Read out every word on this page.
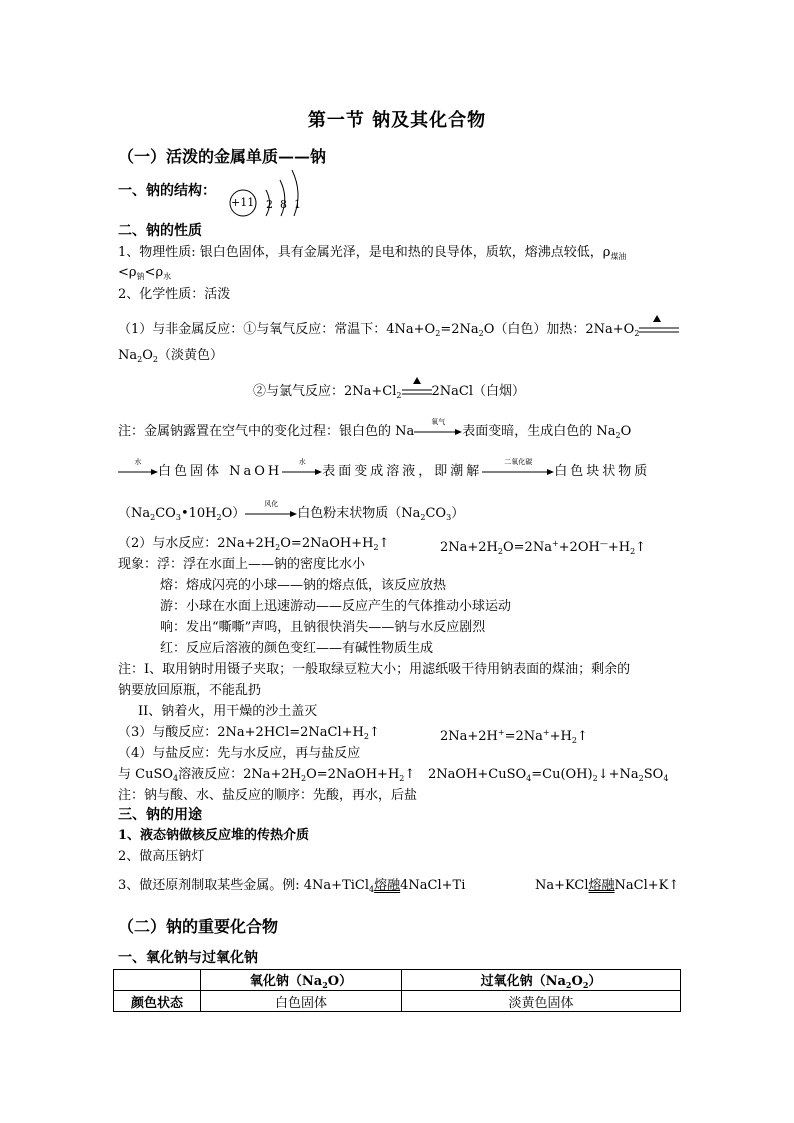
第一节 钠及其化合物
（一）活泼的金属单质——钠
一、钠的结构：
+11 2  8  1
二、钠的性质
1、物理性质: 银白色固体，具有金属光泽，是电和热的良导体，质软，熔沸点较低，$\rho_{煤油}$
$<\rho_钠<\rho_水$
2、化学性质：活泼
（1）与非金属反应：①与氧气反应：常温下：$4Na+O_2=2Na_2O$（白色）加热：$2Na+O_2$
$Na_2O_2$（淡黄色）
②与氯气反应：$2Na+Cl_2$ 2NaCl（白烟）
注：金属钠露置在空气中的变化过程：银白色的 Na
氧气
表面变暗，生成白色的 $Na_2O$
水
白色固体 NaOH
水
表面变成溶液，即潮解
二氧化碳
白色块状物质
$(Na_2CO_3•10H_2O)$
风化
白色粉末状物质$(Na_2CO_3)$
（2）与水反应：$2Na+2H_2O=2NaOH+H_2↑$	$2Na+2H_2O=2Na^++2OH^—+H_2↑$
现象：浮：浮在水面上——钠的密度比水小
熔：熔成闪亮的小球——钠的熔点低，该反应放热
游：小球在水面上迅速游动——反应产生的气体推动小球运动
响：发出“嘶嘶”声呜，且钠很快消失——钠与水反应剧烈
红：反应后溶液的颜色变红——有碱性物质生成
注：I、取用钠时用镊子夹取；一般取绿豆粒大小；用滤纸吸干待用钠表面的煤油；剩余的
钠要放回原瓶，不能乱扔
II、钠着火，用干燥的沙土盖灭
（3）与酸反应：$2Na+2HCl=2NaCl+H_2↑$	$2Na+2H^+=2Na^++H_2↑$
（4）与盐反应：先与水反应，再与盐反应
与 CuSO$_4$溶液反应：$2Na+2H_2O=2NaOH+H_2↑$ $2NaOH+CuSO_4=Cu(OH)_2↓+Na_2SO_4$
注：钠与酸、水、盐反应的顺序：先酸，再水，后盐
三、钠的用途
1、液态钠做核反应堆的传热介质
2、做高压钠灯
3、做还原剂制取某些金属。例: 4Na+TiCl$_4$熔融4NaCl+Ti	Na+KCl熔融NaCl+K↑
（二）钠的重要化合物
一、氧化钠与过氧化钠
	氧化钠$(Na_2O)$	过氧化钠$(Na_2O_2)$
颜色状态	白色固体	淡黄色固体
